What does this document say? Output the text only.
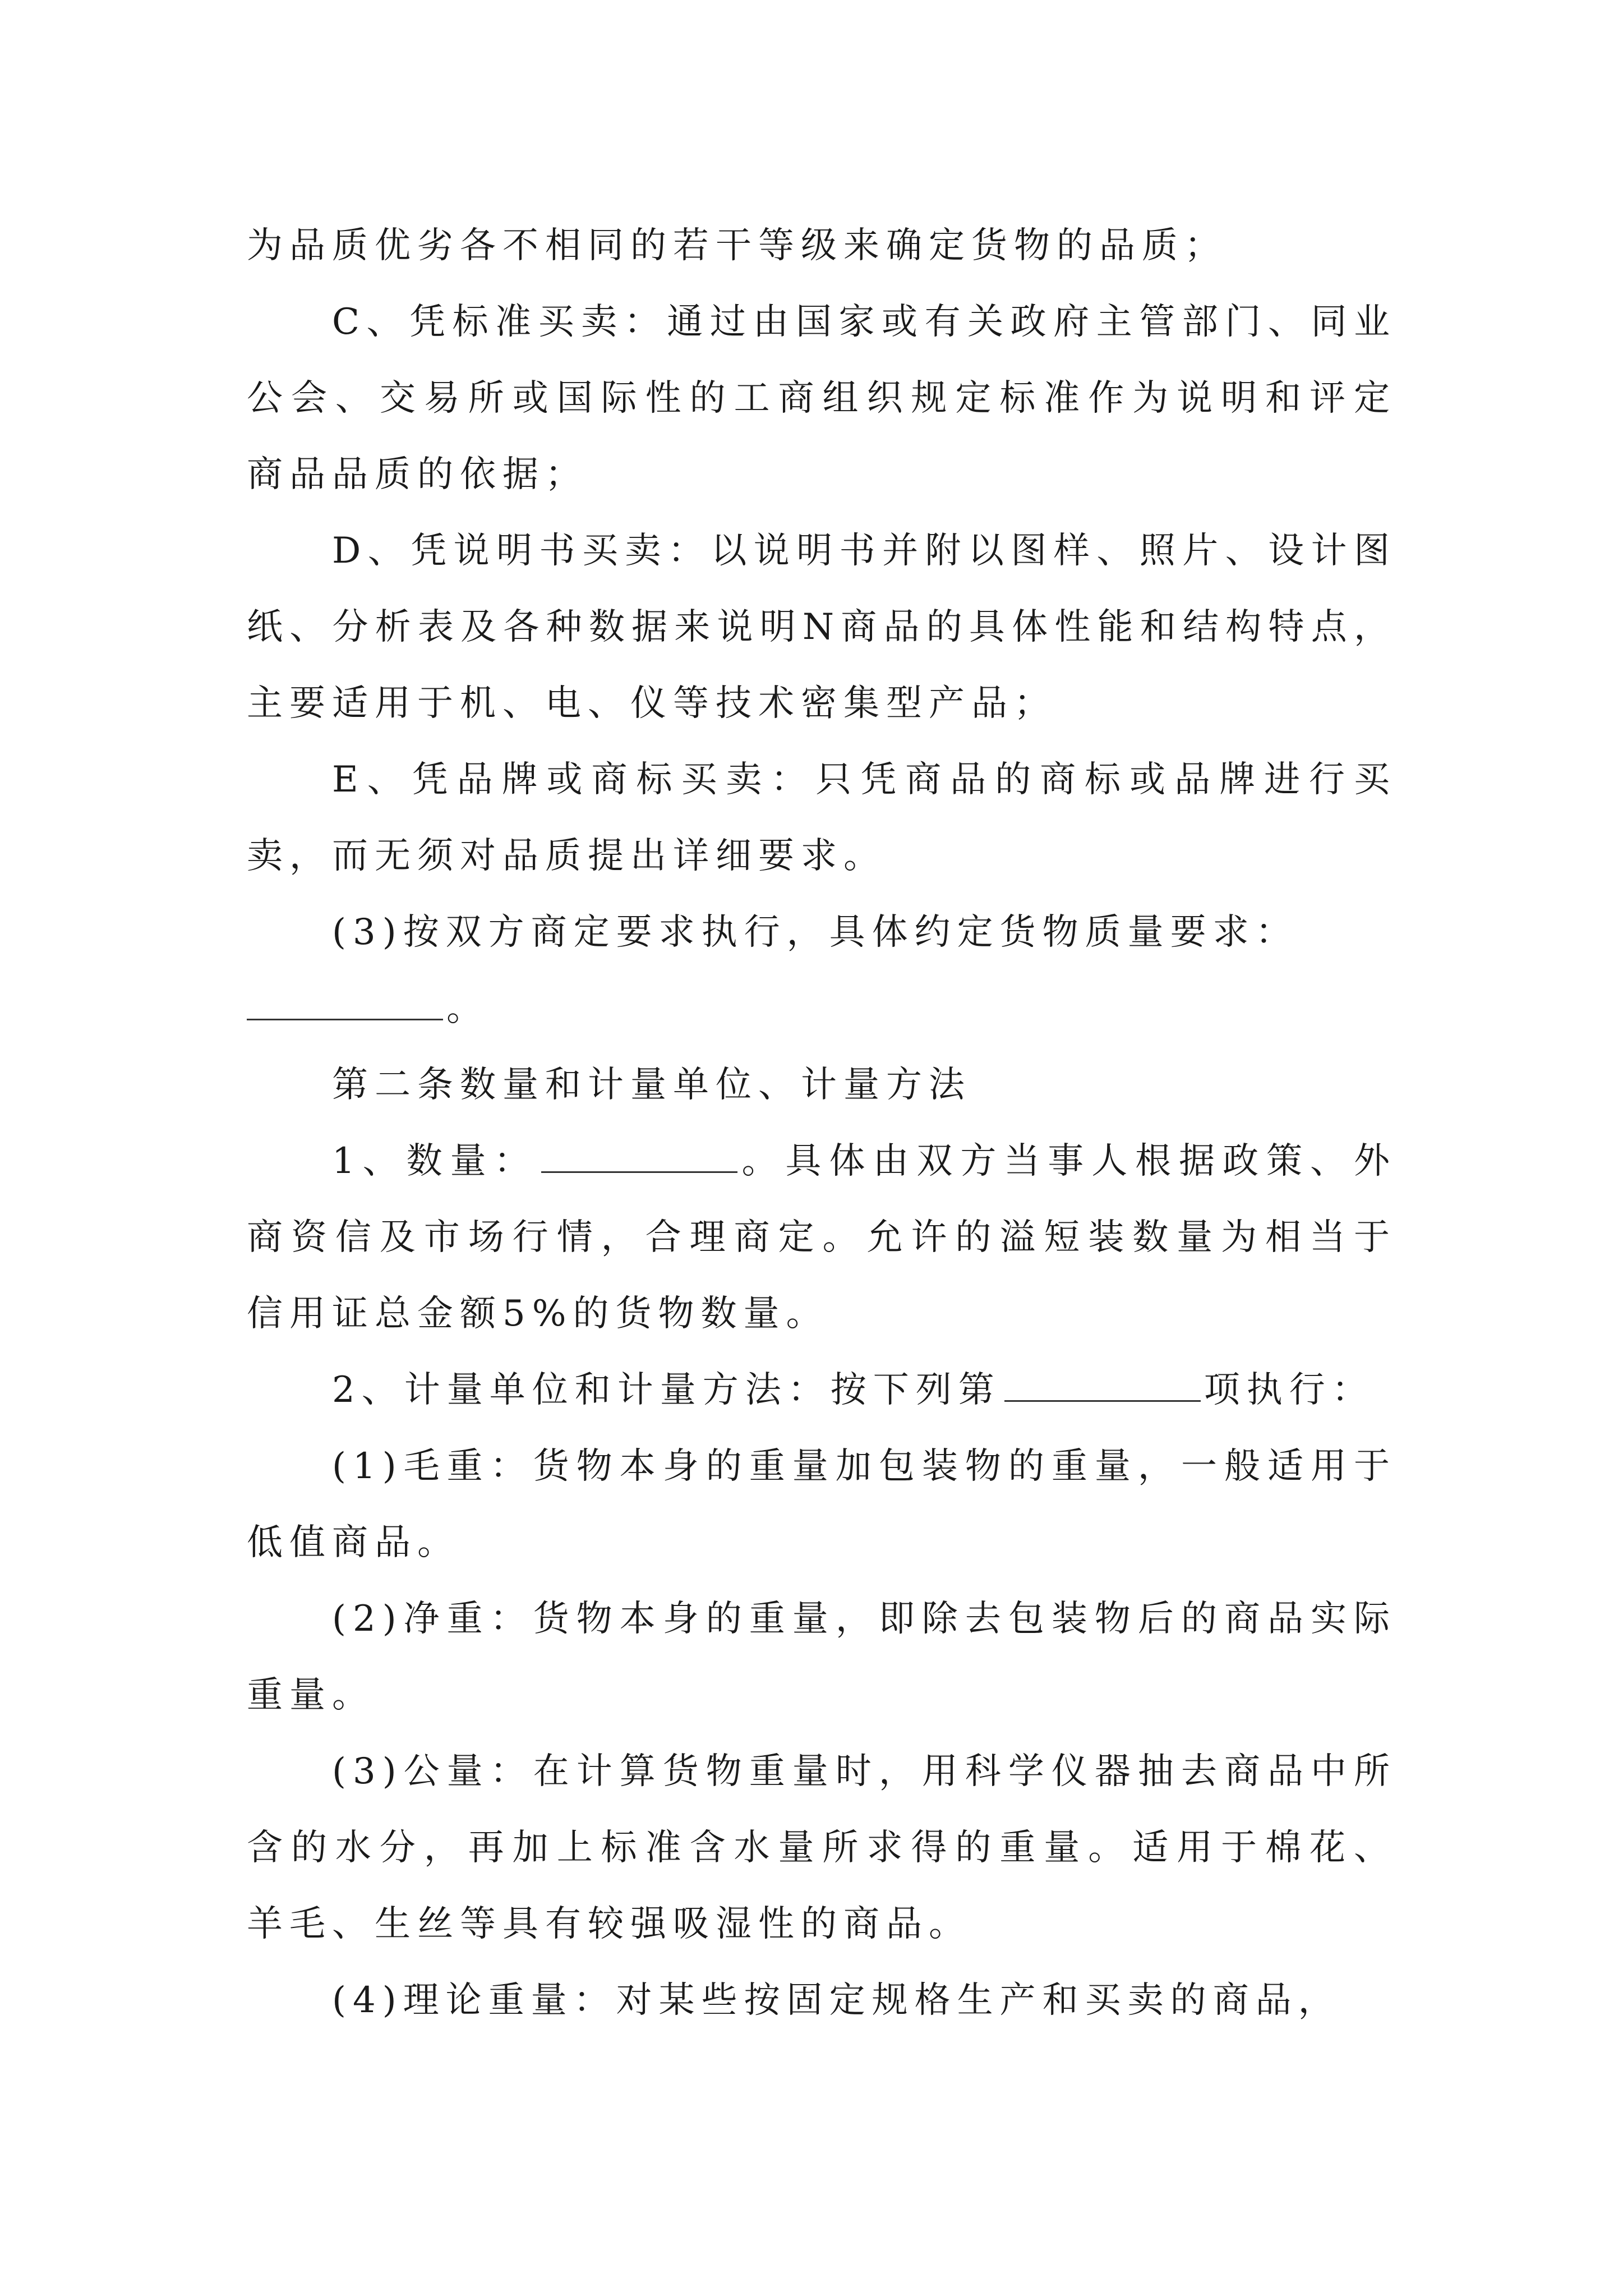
为品质优劣各不相同的若干等级来确定货物的品质；

C、凭标准买卖：通过由国家或有关政府主管部门、同业公会、交易所或国际性的工商组织规定标准作为说明和评定商品品质的依据；

D、凭说明书买卖：以说明书并附以图样、照片、设计图纸、分析表及各种数据来说明N商品的具体性能和结构特点，主要适用于机、电、仪等技术密集型产品；

E、凭品牌或商标买卖：只凭商品的商标或品牌进行买卖，而无须对品质提出详细要求。

(3)按双方商定要求执行，具体约定货物质量要求：

。

第二条数量和计量单位、计量方法

1、数量：	。具体由双方当事人根据政策、外商资信及市场行情，合理商定。允许的溢短装数量为相当于信用证总金额5%的货物数量。

2、计量单位和计量方法：按下列第	项执行：

(1)毛重：货物本身的重量加包装物的重量，一般适用于低值商品。

(2)净重：货物本身的重量，即除去包装物后的商品实际重量。

(3)公量：在计算货物重量时，用科学仪器抽去商品中所含的水分，再加上标准含水量所求得的重量。适用于棉花、羊毛、生丝等具有较强吸湿性的商品。

(4)理论重量：对某些按固定规格生产和买卖的商品，
